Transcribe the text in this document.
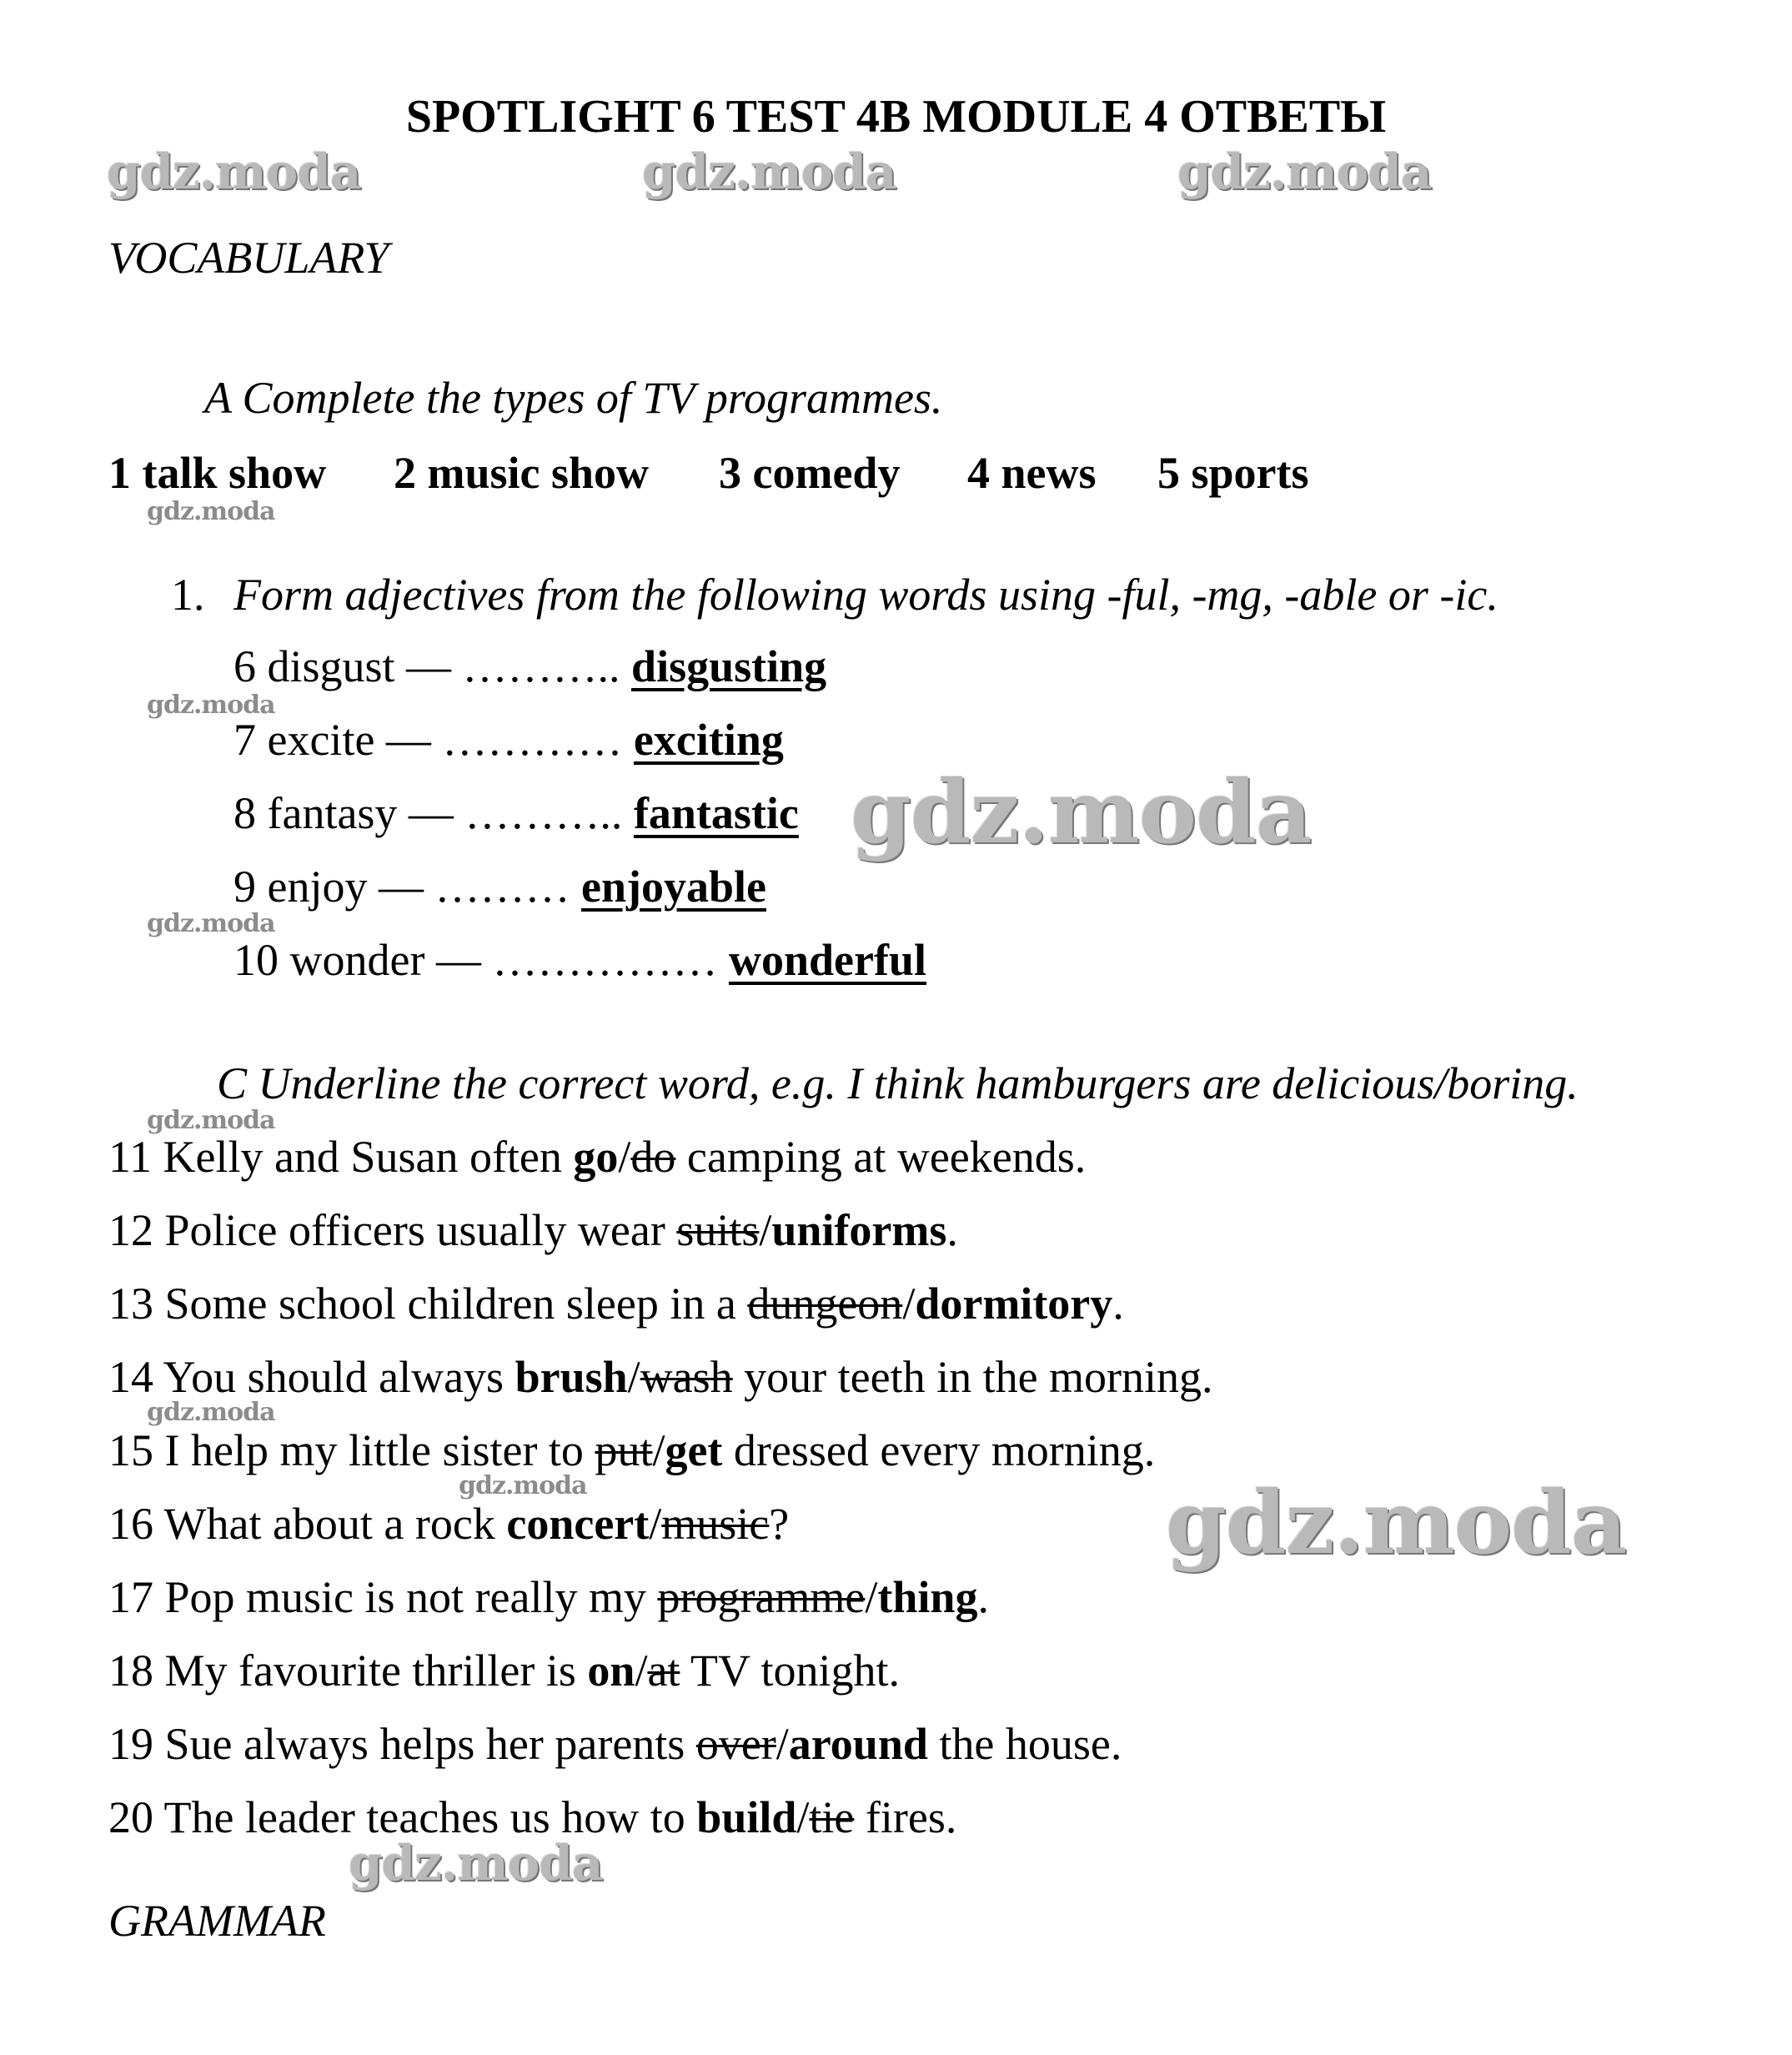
SPOTLIGHT 6 TEST 4B MODULE 4 ОТВЕТЫ
gdz.moda	gdz.moda	gdz.moda
VOCABULARY
A Complete the types of TV programmes.
1 talk show 2 music show 3 comedy 4 news 5 sports
gdz.moda
1. Form adjectives from the following words using -ful, -mg, -able or -ic.
6 disgust — ……….. disgusting
gdz.moda
7 excite — ………… exciting
8 fantasy — ……….. fantastic gdz.moda
9 enjoy — ……… enjoyable
gdz.moda
10 wonder — …………… wonderful
C Underline the correct word, e.g. I think hamburgers are delicious/boring.
gdz.moda
11 Kelly and Susan often go/do camping at weekends.
12 Police officers usually wear suits/uniforms.
13 Some school children sleep in a dungeon/dormitory.
14 You should always brush/wash your teeth in the morning.
gdz.moda
15 I help my little sister to put/get dressed every morning.
gdz.moda
16 What about a rock concert/music?	gdz.moda
17 Pop music is not really my programme/thing.
18 My favourite thriller is on/at TV tonight.
19 Sue always helps her parents over/around the house.
20 The leader teaches us how to build/tie fires.
gdz.moda
GRAMMAR
